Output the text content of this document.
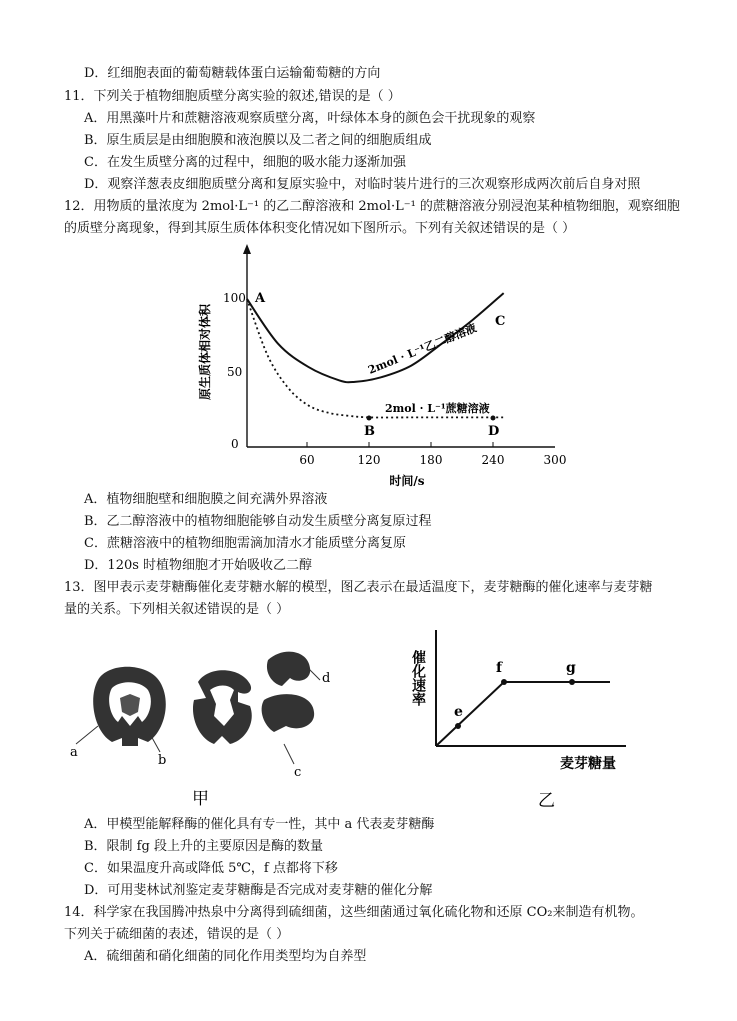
D．红细胞表面的葡萄糖载体蛋白运输葡萄糖的方向
11．下列关于植物细胞质壁分离实验的叙述,错误的是（ ）
A．用黑藻叶片和蔗糖溶液观察质壁分离，叶绿体本身的颜色会干扰现象的观察
B．原生质层是由细胞膜和液泡膜以及二者之间的细胞质组成
C．在发生质壁分离的过程中，细胞的吸水能力逐渐加强
D．观察洋葱表皮细胞质壁分离和复原实验中，对临时装片进行的三次观察形成两次前后自身对照
12．用物质的量浓度为 2mol·L⁻¹ 的乙二醇溶液和 2mol·L⁻¹ 的蔗糖溶液分别浸泡某种植物细胞，观察细胞
的质壁分离现象，得到其原生质体体积变化情况如下图所示。下列有关叙述错误的是（ ）
原生质体相对体积
100
50
0
60	120	180	240	300
时间/s
A
B
C
D
2mol · L⁻¹乙二醇溶液
2mol · L⁻¹蔗糖溶液
A．植物细胞壁和细胞膜之间充满外界溶液
B．乙二醇溶液中的植物细胞能够自动发生质壁分离复原过程
C．蔗糖溶液中的植物细胞需滴加清水才能质壁分离复原
D．120s 时植物细胞才开始吸收乙二醇
13．图甲表示麦芽糖酶催化麦芽糖水解的模型，图乙表示在最适温度下，麦芽糖酶的催化速率与麦芽糖
量的关系。下列相关叙述错误的是（ ）
a
b
c
d
甲
e
f	g
催化速率
麦芽糖量
乙
A．甲模型能解释酶的催化具有专一性，其中 a 代表麦芽糖酶
B．限制 fg 段上升的主要原因是酶的数量
C．如果温度升高或降低 5℃，f 点都将下移
D．可用斐林试剂鉴定麦芽糖酶是否完成对麦芽糖的催化分解
14．科学家在我国腾冲热泉中分离得到硫细菌，这些细菌通过氧化硫化物和还原 CO₂来制造有机物。
下列关于硫细菌的表述，错误的是（ ）
A．硫细菌和硝化细菌的同化作用类型均为自养型
